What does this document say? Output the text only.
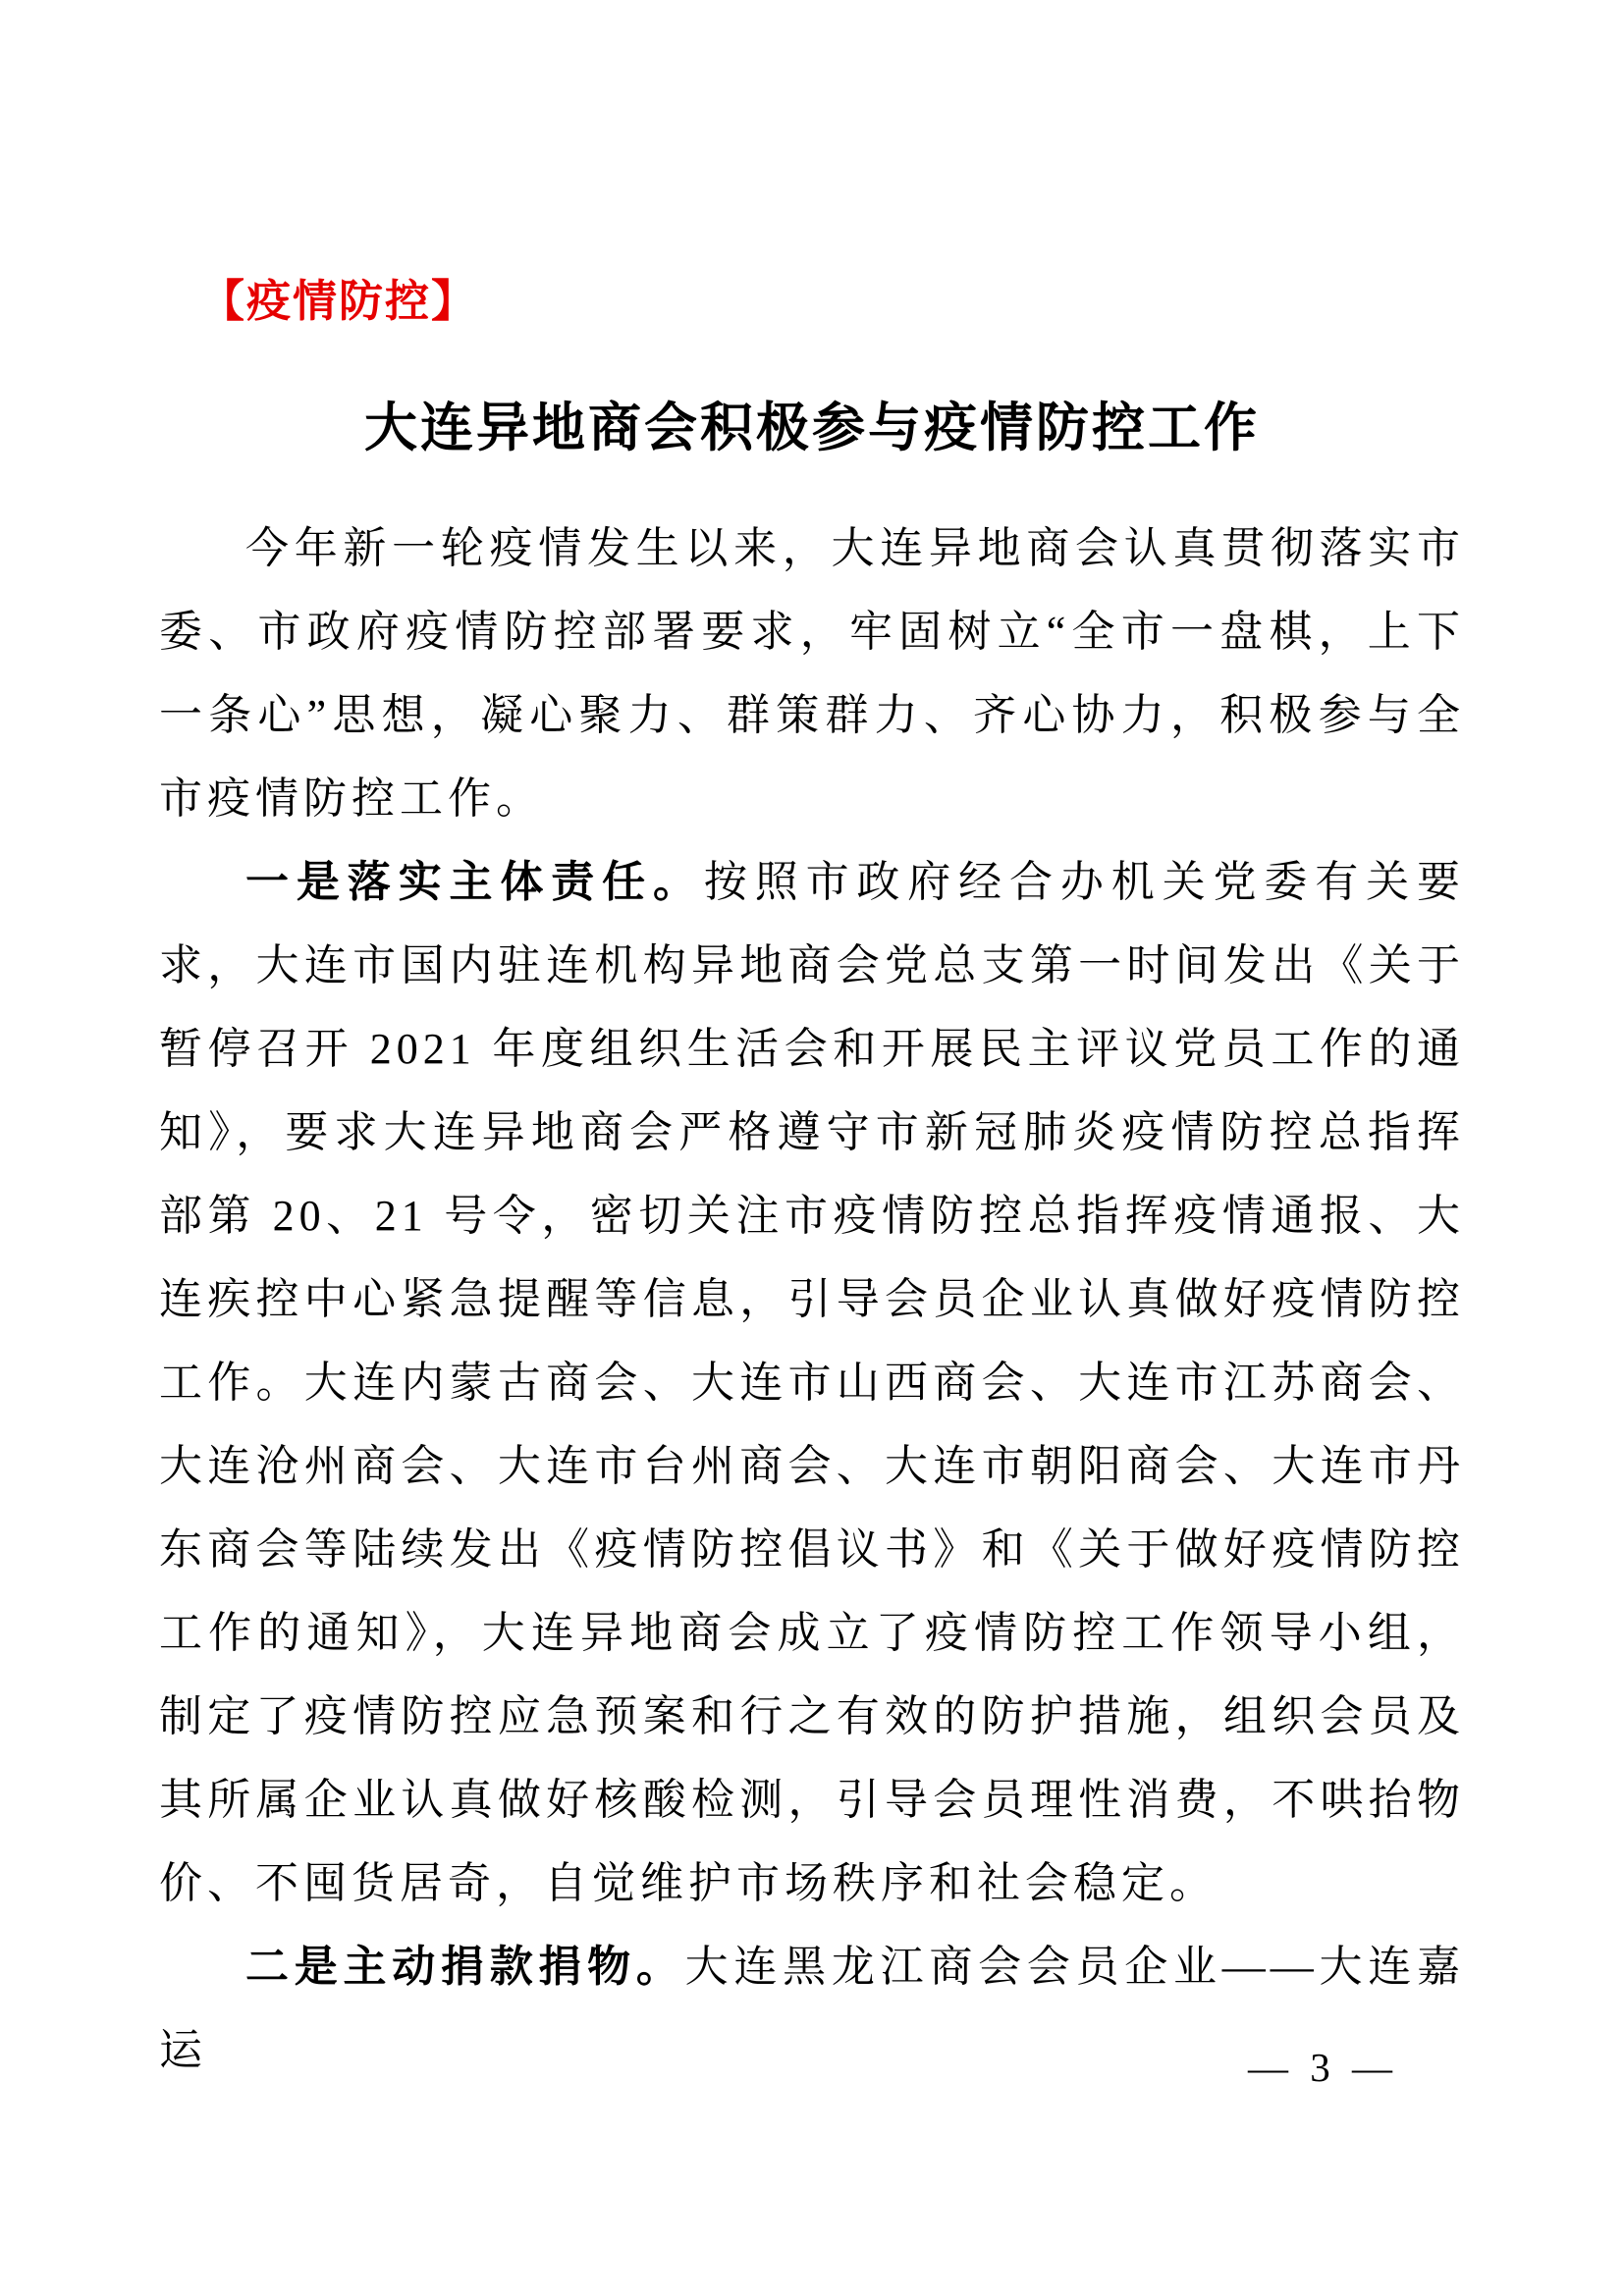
【疫情防控】
大连异地商会积极参与疫情防控工作

今年新一轮疫情发生以来，大连异地商会认真贯彻落实市委、市政府疫情防控部署要求，牢固树立“全市一盘棋，上下一条心”思想，凝心聚力、群策群力、齐心协力，积极参与全市疫情防控工作。

一是落实主体责任。按照市政府经合办机关党委有关要求，大连市国内驻连机构异地商会党总支第一时间发出《关于暂停召开 2021 年度组织生活会和开展民主评议党员工作的通知》，要求大连异地商会严格遵守市新冠肺炎疫情防控总指挥部第 20、21 号令，密切关注市疫情防控总指挥疫情通报、大连疾控中心紧急提醒等信息，引导会员企业认真做好疫情防控工作。大连内蒙古商会、大连市山西商会、大连市江苏商会、大连沧州商会、大连市台州商会、大连市朝阳商会、大连市丹东商会等陆续发出《疫情防控倡议书》和《关于做好疫情防控工作的通知》，大连异地商会成立了疫情防控工作领导小组，制定了疫情防控应急预案和行之有效的防护措施，组织会员及其所属企业认真做好核酸检测，引导会员理性消费，不哄抬物价、不囤货居奇，自觉维护市场秩序和社会稳定。

二是主动捐款捐物。大连黑龙江商会会员企业——大连嘉运	— 3 —
